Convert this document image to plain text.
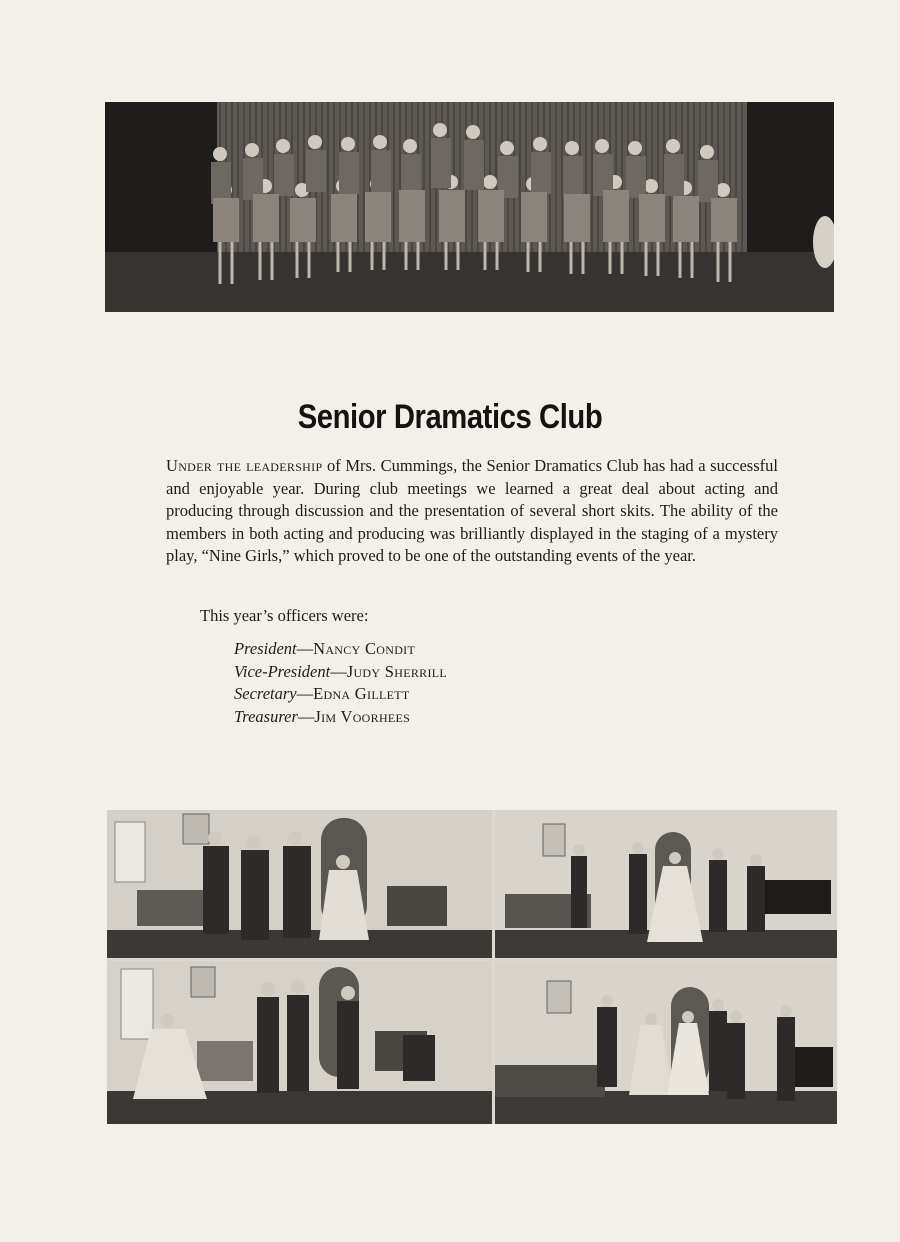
Senior Dramatics Club
Under the leadership of Mrs. Cummings, the Senior Dramatics Club has had a successful and enjoyable year. During club meetings we learned a great deal about acting and producing through discussion and the presentation of several short skits. The ability of the members in both acting and producing was brilliantly displayed in the staging of a mystery play, “Nine Girls,” which proved to be one of the outstanding events of the year.
This year’s officers were:
President—Nancy Condit
Vice-President—Judy Sherrill
Secretary—Edna Gillett
Treasurer—Jim Voorhees
